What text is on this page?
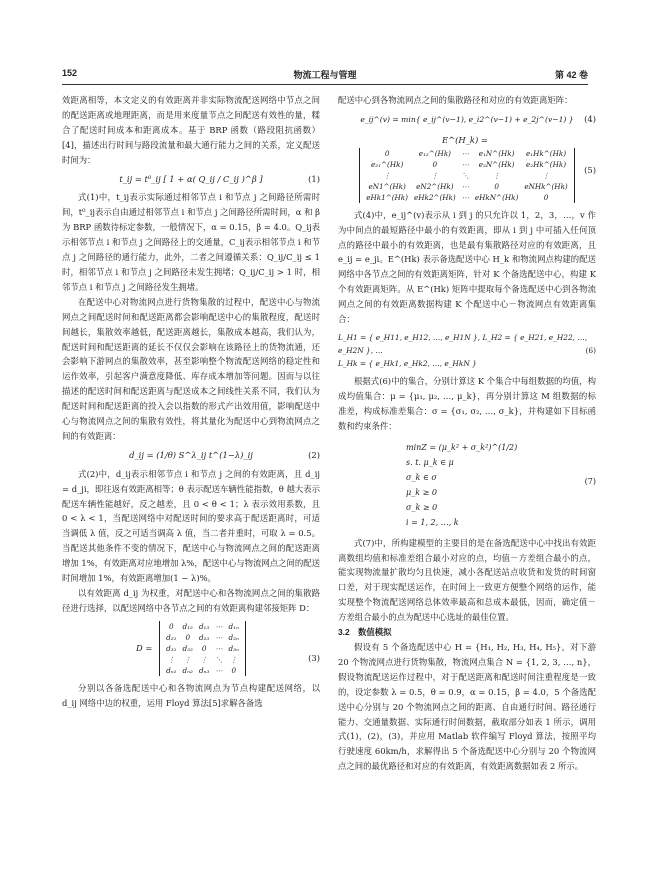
152	物流工程与管理	第 42 卷

效距离相等，本文定义的有效距离并非实际物流配送网络中节点之间的配送距离或地理距离，而是用来度量节点之间配送有效性的量，糅合了配送时间成本和距离成本。基于 BRP 函数（路段阻抗函数）[4]，描述出行时间与路段流量和最大通行能力之间的关系，定义配送时间为：

t_ij = t⁰_ij [ 1 + α( Q_ij / C_ij )^β ]	(1)

式(1)中，t_ij表示实际通过相邻节点 i 和节点 j 之间路径所需时间，t⁰_ij表示自由通过相邻节点 i 和节点 j 之间路径所需时间，α 和 β 为 BRP 函数待标定参数，一般情况下，α = 0.15，β = 4.0。Q_ij表示相邻节点 i 和节点 j 之间路径上的交通量，C_ij表示相邻节点 i 和节点 j 之间路径的通行能力，此外，二者之间遵循关系：Q_ij/C_ij ≤ 1 时，相邻节点 i 和节点 j 之间路径未发生拥堵；Q_ij/C_ij > 1 时，相邻节点 i 和节点 j 之间路径发生拥堵。

在配送中心对物流网点进行货物集散的过程中，配送中心与物流网点之间配送时间和配送距离都会影响配送中心的集散程度，配送时间越长，集散效率越低，配送距离越长，集散成本越高，我们认为，配送时间和配送距离的延长不仅仅会影响在该路径上的货物流通，还会影响下游网点的集散效率，甚至影响整个物流配送网络的稳定性和运作效率，引起客户满意度降低、库存成本增加等问题。因而与以往描述的配送时间和配送距离与配送成本之间线性关系不同，我们认为配送时间和配送距离的投入会以指数的形式产出效用值，影响配送中心与物流网点之间的集散有效性，将其量化为配送中心到物流网点之间的有效距离：

d_ij = (1/θ) S^λ_ij t^(1−λ)_ij	(2)

式(2)中，d_ij表示相邻节点 i 和节点 j 之间的有效距离，且 d_ij = d_ji，即往返有效距离相等；θ 表示配送车辆性能指数，θ 越大表示配送车辆性能越好，反之越差，且 0 < θ < 1；λ 表示效用系数，且 0 < λ < 1，当配送网络中对配送时间的要求高于配送距离时，可适当调低 λ 值，反之可适当调高 λ 值，当二者并重时，可取 λ = 0.5。当配送其他条件不变的情况下，配送中心与物流网点之间的配送距离增加 1%，有效距离对应地增加 λ%，配送中心与物流网点之间的配送时间增加 1%，有效距离增加(1 − λ)%。

以有效距离 d_ij 为权重，对配送中心和各物流网点之间的集散路径进行选择，以配送网络中各节点之间的有效距离构建邻接矩阵 D：

D =
0	d₁₂	d₁₃	⋯	d₁ₙ
d₂₁	0	d₂₃	⋯	d₂ₙ
d₃₁	d₃₂	0	⋯	d₃ₙ
⋮	⋮	⋮	⋱	⋮
dₙ₁	dₙ₂	dₙ₃	⋯	0
(3)

分别以各备选配送中心和各物流网点为节点构建配送网络，以 d_ij 网络中边的权重，运用 Floyd 算法[5]求解各备选

配送中心到各物流网点之间的集散路径和对应的有效距离矩阵：

e_ij^(v) = min{ e_ij^(v−1), e_i2^(v−1) + e_2j^(v−1) } (4)
E^(H_k) =
0	e₁₂^(Hk)	⋯	e₁N^(Hk)	e₁Hk^(Hk)
e₂₁^(Hk)	0	⋯	e₂N^(Hk)	e₂Hk^(Hk)
⋮	⋮	⋱	⋮	⋮
eN1^(Hk)	eN2^(Hk)	⋯	0	eNHk^(Hk)
eHk1^(Hk)	eHk2^(Hk)	⋯	eHkN^(Hk)	0
(5)

式(4)中，e_ij^(v)表示从 i 到 j 的只允许以 1，2，3，…，v 作为中间点的最短路径中最小的有效距离，即从 i 到 j 中可插入任何顶点的路径中最小的有效距离，也是最有集散路径对应的有效距离，且 e_ij = e_ji。E^(Hk) 表示备选配送中心 H_k 和物流网点构建的配送网络中各节点之间的有效距离矩阵，针对 K 个备选配送中心，构建 K 个有效距离矩阵。从 E^(Hk) 矩阵中提取每个备选配送中心到各物流网点之间的有效距离数据构建 K 个配送中心－物流网点有效距离集合：

L_H1 = { e_H11, e_H12, …, e_H1N }, L_H2 = { e_H21, e_H22, …, e_H2N }, …
L_Hk = { e_Hk1, e_Hk2, …, e_HkN }
(6)

根据式(6)中的集合，分别计算这 K 个集合中每组数据的均值，构成均值集合：μ = {μ₁, μ₂, …, μ_k}，再分别计算这 M 组数据的标准差，构成标准差集合：σ = {σ₁, σ₂, …, σ_k}，并构建如下目标函数和约束条件：

minZ = (μ_k² + σ_k²)^(1/2)
s. t. μ_k ∈ μ
σ_k ∈ σ
μ_k ≥ 0
σ_k ≥ 0
i = 1, 2, …, k
(7)

式(7)中，所构建模型的主要目的是在备选配送中心中找出有效距离数组均值和标准差组合最小对应的点，均值－方差组合最小的点，能实现物流量扩散均匀且快速，减小各配送站点收货和发货的时间窗口差，对于现实配送运作，在时间上一致更方便整个网络的运作，能实现整个物流配送网络总体效率最高和总成本最低，因而，确定值－方差组合最小的点为配送中心选址的最佳位置。

3.2　数值模拟

假设有 5 个备选配送中心 H = {H₁, H₂, H₃, H₄, H₅}，对下游 20 个物流网点进行货物集散，物流网点集合 N = {1, 2, 3, …, n}，假设物流配送运作过程中，对于配送距离和配送时间注重程度是一致的，设定参数 λ = 0.5，θ = 0.9，α = 0.15，β = 4.0，5 个备选配送中心分别与 20 个物流网点之间的距离、自由通行时间、路径通行能力、交通量数据、实际通行时间数据，截取部分如表 1 所示，调用式(1)，(2)，(3)，并应用 Matlab 软件编写 Floyd 算法，按照平均行驶速度 60km/h，求解得出 5 个备选配送中心分别与 20 个物流网点之间的最优路径和对应的有效距离，有效距离数据如表 2 所示。
